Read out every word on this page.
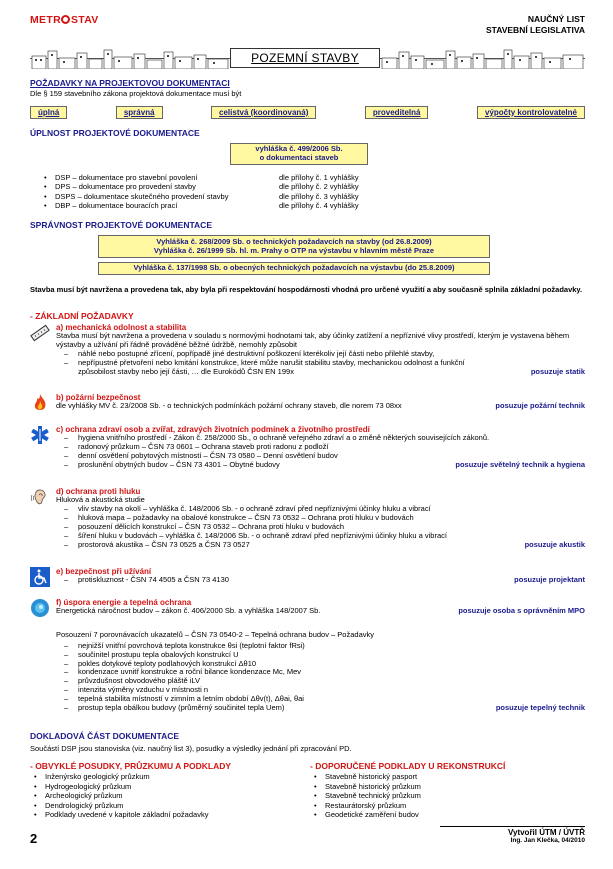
METR STAV	NAUČNÝ LIST
STAVEBNÍ LEGISLATIVA
POZEMNÍ STAVBY
POŽADAVKY NA PROJEKTOVOU DOKUMENTACI
Dle § 159 stavebního zákona projektová dokumentace musí být
úplná	správná	celistvá (koordinovaná)	proveditelná	výpočty kontrolovatelné
ÚPLNOST PROJEKTOVÉ DOKUMENTACE
vyhláška č. 499/2006 Sb.
o dokumentaci staveb
• DSP – dokumentace pro stavební povolení	dle přílohy č. 1 vyhlášky
• DPS – dokumentace pro provedení stavby	dle přílohy č. 2 vyhlášky
• DSPS – dokumentace skutečného provedení stavby	dle přílohy č. 3 vyhlášky
• DBP – dokumentace bouracích prací	dle přílohy č. 4 vyhlášky
SPRÁVNOST PROJEKTOVÉ DOKUMENTACE
Vyhláška č. 268/2009 Sb. o technických požadavcích na stavby (od 26.8.2009)
Vyhláška č. 26/1999 Sb. hl. m. Prahy o OTP na výstavbu v hlavním městě Praze
Vyhláška č. 137/1998 Sb. o obecných technických požadavcích na výstavbu (do 25.8.2009)
Stavba musí být navržena a provedena tak, aby byla při respektování hospodárnosti vhodná pro určené využití a aby současně splnila základní požadavky.
- ZÁKLADNÍ POŽADAVKY
a) mechanická odolnost a stabilita
Stavba musí být navržena a provedena v souladu s normovými hodnotami tak, aby účinky zatížení a nepříznivé vlivy prostředí, kterým je vystavena během výstavby a užívání při řádně prováděné běžné údržbě, nemohly způsobit
– náhlé nebo postupné zřícení, popřípadě jiné destruktivní poškození kterékoliv její části nebo přilehlé stavby,
– nepřípustné přetvoření nebo kmitání konstrukce, které může narušit stabilitu stavby, mechanickou odolnost a funkční způsobilost stavby nebo její části, … dle Eurokódů ČSN EN 199x	posuzuje statik
b) požární bezpečnost
posuzuje požární technik
dle vyhlášky MV č. 23/2008 Sb. - o technických podmínkách požární ochrany staveb, dle norem 73 08xx
c) ochrana zdraví osob a zvířat, zdravých životních podmínek a životního prostředí
– hygiena vnitřního prostředí - Zákon č. 258/2000 Sb., o ochraně veřejného zdraví a o změně některých souvisejících zákonů.
– radonový průzkum – ČSN 73 0601 – Ochrana staveb proti radonu z podloží
– denní osvětlení pobytových místností – ČSN 73 0580 – Denní osvětlení budov
– posuzuje světelný technik a hygiena
proslunění obytných budov – ČSN 73 4301 – Obytné budovy
d) ochrana proti hluku
Hluková a akustická studie
– vliv stavby na okolí – vyhláška č. 148/2006 Sb. - o ochraně zdraví před nepříznivými účinky hluku a vibrací
– hluková mapa – požadavky na obalové konstrukce – ČSN 73 0532 – Ochrana proti hluku v budovách
– posouzení dělicích konstrukcí – ČSN 73 0532 – Ochrana proti hluku v budovách
– šíření hluku v budovách – vyhláška č. 148/2006 Sb. - o ochraně zdraví před nepříznivými účinky hluku a vibrací
– posuzuje akustik
prostorová akustika – ČSN 73 0525 a ČSN 73 0527
e) bezpečnost při užívání
– posuzuje projektant
protiskluznost - ČSN 74 4505 a ČSN 73 4130
f) úspora energie a tepelná ochrana
posuzuje osoba s oprávněním MPO
Energetická náročnost budov – zákon č. 406/2000 Sb. a vyhláška 148/2007 Sb.
Posouzení 7 porovnávacích ukazatelů – ČSN 73 0540-2 – Tepelná ochrana budov – Požadavky
– nejnižší vnitřní povrchová teplota konstrukce θsi (teplotní faktor fRsi)
– součinitel prostupu tepla obalových konstrukcí U
– pokles dotykové teploty podlahových konstrukcí Δθ10
– kondenzace uvnitř konstrukce a roční bilance kondenzace Mc, Mev
– průvzdušnost obvodového pláště iLV
– intenzita výměny vzduchu v místnosti n
– tepelná stabilita místností v zimním a letním období Δθv(t), Δθai, θai
– posuzuje tepelný technik
prostup tepla obálkou budovy (průměrný součinitel tepla Uem)
DOKLADOVÁ ČÁST DOKUMENTACE
Součástí DSP jsou stanoviska (viz. naučný list 3), posudky a výsledky jednání při zpracování PD.
- OBVYKLÉ POSUDKY, PRŮZKUMU A PODKLADY
• Inženýrsko geologický průzkum
• Hydrogeologický průzkum
• Archeologický průzkum
• Dendrologický průzkum
• Podklady uvedené v kapitole základní požadavky
- DOPORUČENÉ PODKLADY U REKONSTRUKCÍ
• Stavebně historický pasport
• Stavebně historický průzkum
• Stavebně technický průzkum
• Restaurátorský průzkum
• Geodetické zaměření budov
2	Vytvořil ÚTM / ÚVTŘ
Ing. Jan Klečka, 04/2010
